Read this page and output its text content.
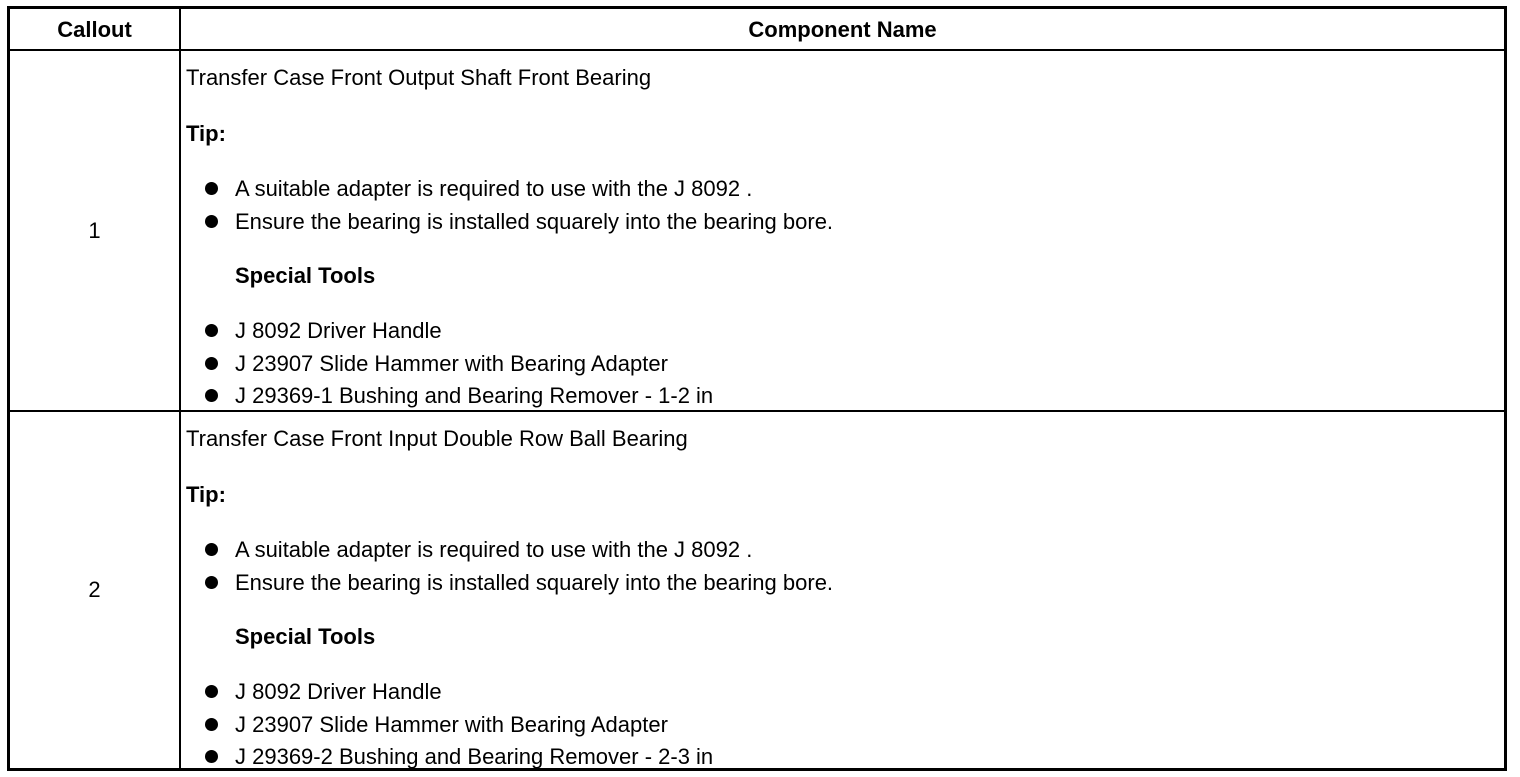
Callout	Component Name
1
Transfer Case Front Output Shaft Front Bearing
Tip:
A suitable adapter is required to use with the J 8092 .
Ensure the bearing is installed squarely into the bearing bore.
Special Tools
J 8092 Driver Handle
J 23907 Slide Hammer with Bearing Adapter
J 29369-1 Bushing and Bearing Remover - 1-2 in
2
Transfer Case Front Input Double Row Ball Bearing
Tip:
A suitable adapter is required to use with the J 8092 .
Ensure the bearing is installed squarely into the bearing bore.
Special Tools
J 8092 Driver Handle
J 23907 Slide Hammer with Bearing Adapter
J 29369-2 Bushing and Bearing Remover - 2-3 in
